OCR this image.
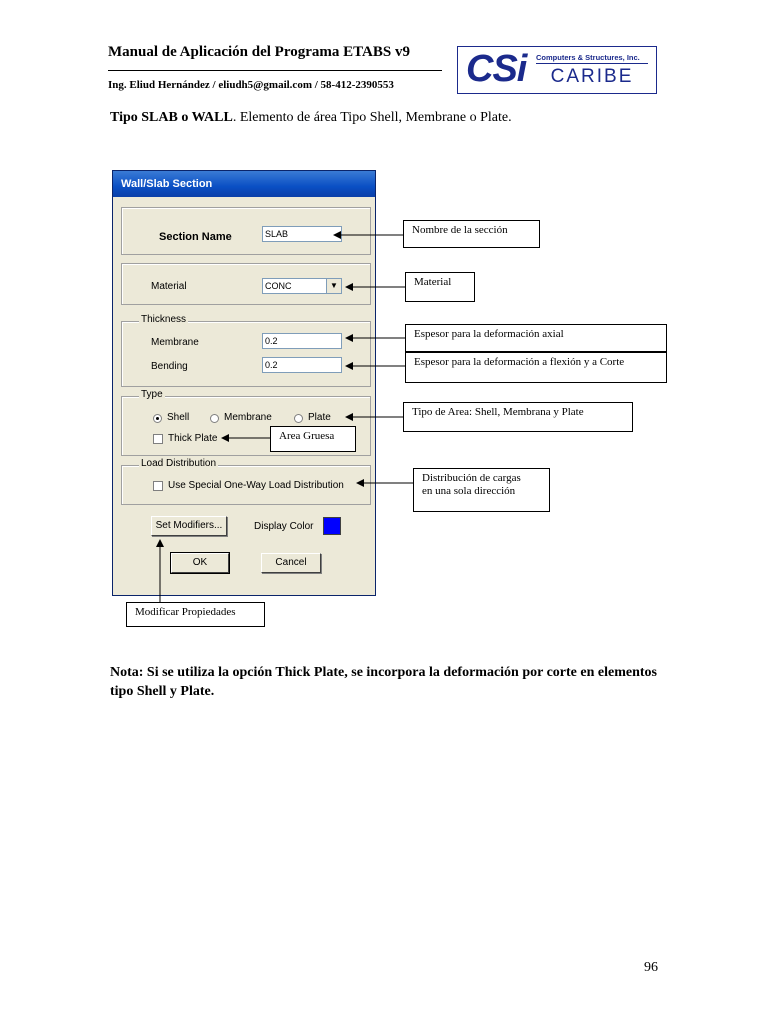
Manual de Aplicación del Programa ETABS v9
Ing. Eliud Hernández / eliudh5@gmail.com / 58-412-2390553 CSi Computers & Structures, Inc.
CARIBE
Tipo SLAB o WALL. Elemento de área Tipo Shell, Membrane o Plate.
Wall/Slab Section
Section Name	SLAB
Material	CONC	▼
Thickness
Membrane	0.2
Bending	0.2
Type
Shell	Membrane	Plate
Thick Plate
Load Distribution
Use Special One-Way Load Distribution
Set Modifiers...	Display Color
OK	Cancel
Nombre de la sección
Material
Espesor para la deformación axial
Espesor para la deformación a flexión y a Corte
Tipo de Area: Shell, Membrana y Plate
Area Gruesa
Distribución de cargas
en una sola dirección
Modificar Propiedades
Nota: Si se utiliza la opción Thick Plate, se incorpora la deformación por corte en elementos tipo Shell y Plate.
96
